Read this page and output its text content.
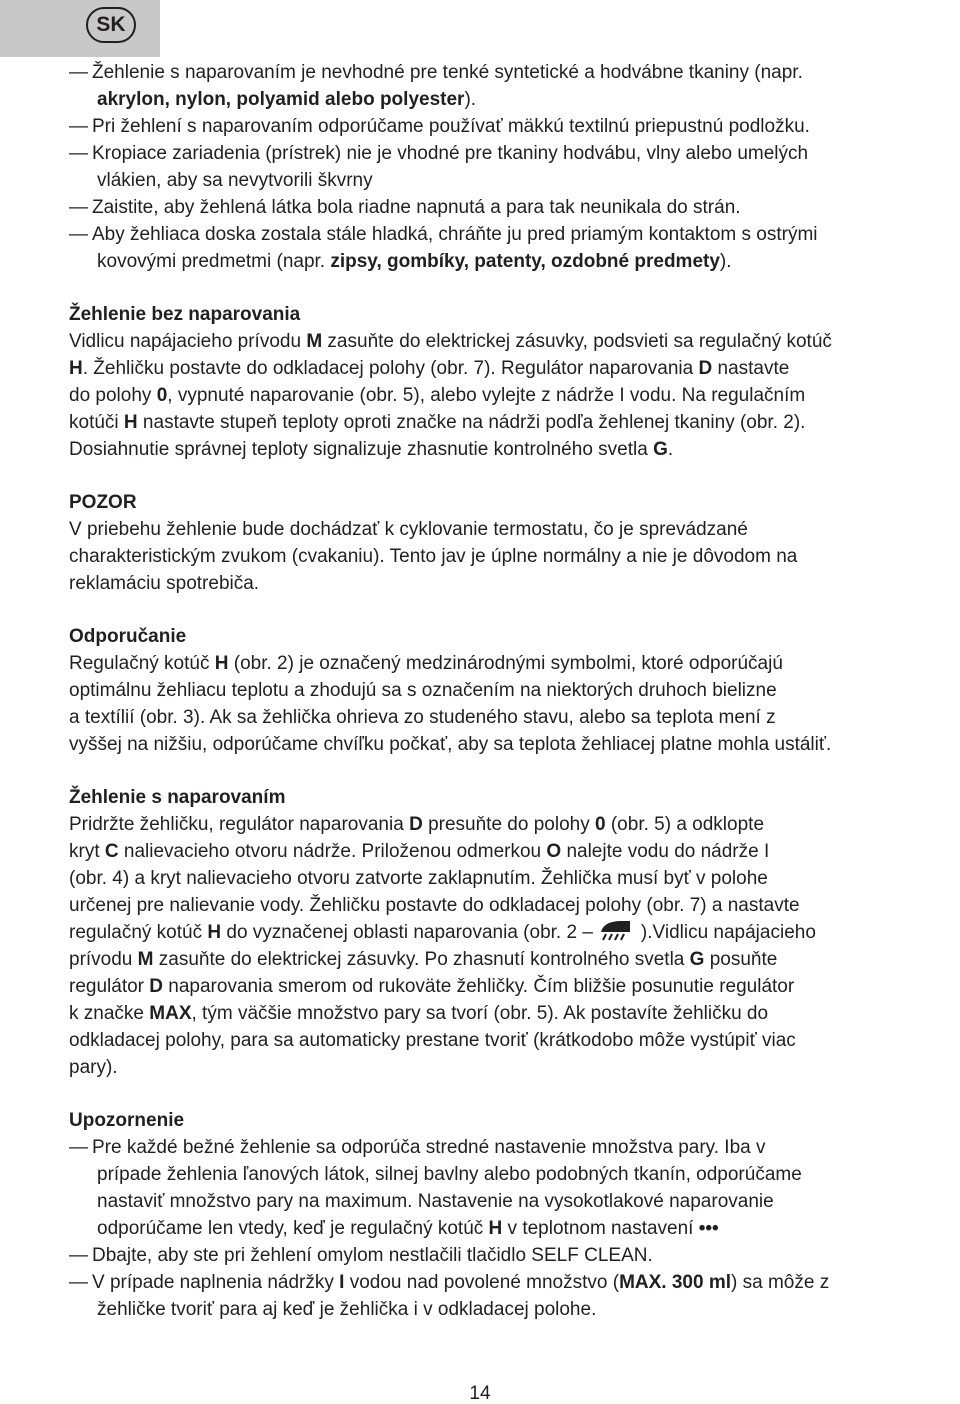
SK
— Žehlenie s naparovaním je nevhodné pre tenké syntetické a hodvábne tkaniny (napr.
akrylon, nylon, polyamid alebo polyester).
— Pri žehlení s naparovaním odporúčame používať mäkkú textilnú priepustnú podložku.
— Kropiace zariadenia (prístrek) nie je vhodné pre tkaniny hodvábu, vlny alebo umelých
vlákien, aby sa nevytvorili škvrny
— Zaistite, aby žehlená látka bola riadne napnutá a para tak neunikala do strán.
— Aby žehliaca doska zostala stále hladká, chráňte ju pred priamým kontaktom s ostrými
kovovými predmetmi (napr. zipsy, gombíky, patenty, ozdobné predmety).
Žehlenie bez naparovania
Vidlicu napájacieho prívodu M zasuňte do elektrickej zásuvky, podsvieti sa regulačný kotúč
H. Žehličku postavte do odkladacej polohy (obr. 7). Regulátor naparovania D nastavte
do polohy 0, vypnuté naparovanie (obr. 5), alebo vylejte z nádrže I vodu. Na regulačním
kotúči H nastavte stupeň teploty oproti značke na nádrži podľa žehlenej tkaniny (obr. 2).
Dosiahnutie správnej teploty signalizuje zhasnutie kontrolného svetla G.
POZOR
V priebehu žehlenie bude dochádzať k cyklovanie termostatu, čo je sprevádzané
charakteristickým zvukom (cvakaniu). Tento jav je úplne normálny a nie je dôvodom na
reklamáciu spotrebiča.
Odporučanie
Regulačný kotúč H (obr. 2) je označený medzinárodnými symbolmi, ktoré odporúčajú
optimálnu žehliacu teplotu a zhodujú sa s označením na niektorých druhoch bielizne
a textílií (obr. 3). Ak sa žehlička ohrieva zo studeného stavu, alebo sa teplota mení z
vyššej na nižšiu, odporúčame chvíľku počkať, aby sa teplota žehliacej platne mohla ustáliť.
Žehlenie s naparovaním
Pridržte žehličku, regulátor naparovania D presuňte do polohy 0 (obr. 5) a odklopte
kryt C nalievacieho otvoru nádrže. Priloženou odmerkou O nalejte vodu do nádrže I
(obr. 4) a kryt nalievacieho otvoru zatvorte zaklapnutím. Žehlička musí byť v polohe
určenej pre nalievanie vody. Žehličku postavte do odkladacej polohy (obr. 7) a nastavte
regulačný kotúč H do vyznačenej oblasti naparovania (obr. 2 –	).Vidlicu napájacieho
prívodu M zasuňte do elektrickej zásuvky. Po zhasnutí kontrolného svetla G posuňte
regulátor D naparovania smerom od rukoväte žehličky. Čím bližšie posunutie regulátor
k značke MAX, tým väčšie množstvo pary sa tvorí (obr. 5). Ak postavíte žehličku do
odkladacej polohy, para sa automaticky prestane tvoriť (krátkodobo môže vystúpiť viac
pary).
Upozornenie
— Pre každé bežné žehlenie sa odporúča stredné nastavenie množstva pary. Iba v
prípade žehlenia ľanových látok, silnej bavlny alebo podobných tkanín, odporúčame
nastaviť množstvo pary na maximum. Nastavenie na vysokotlakové naparovanie
odporúčame len vtedy, keď je regulačný kotúč H v teplotnom nastavení •••
— Dbajte, aby ste pri žehlení omylom nestlačili tlačidlo SELF CLEAN.
— V prípade naplnenia nádržky I vodou nad povolené množstvo (MAX. 300 ml) sa môže z
žehličke tvoriť para aj keď je žehlička i v odkladacej polohe.
14
